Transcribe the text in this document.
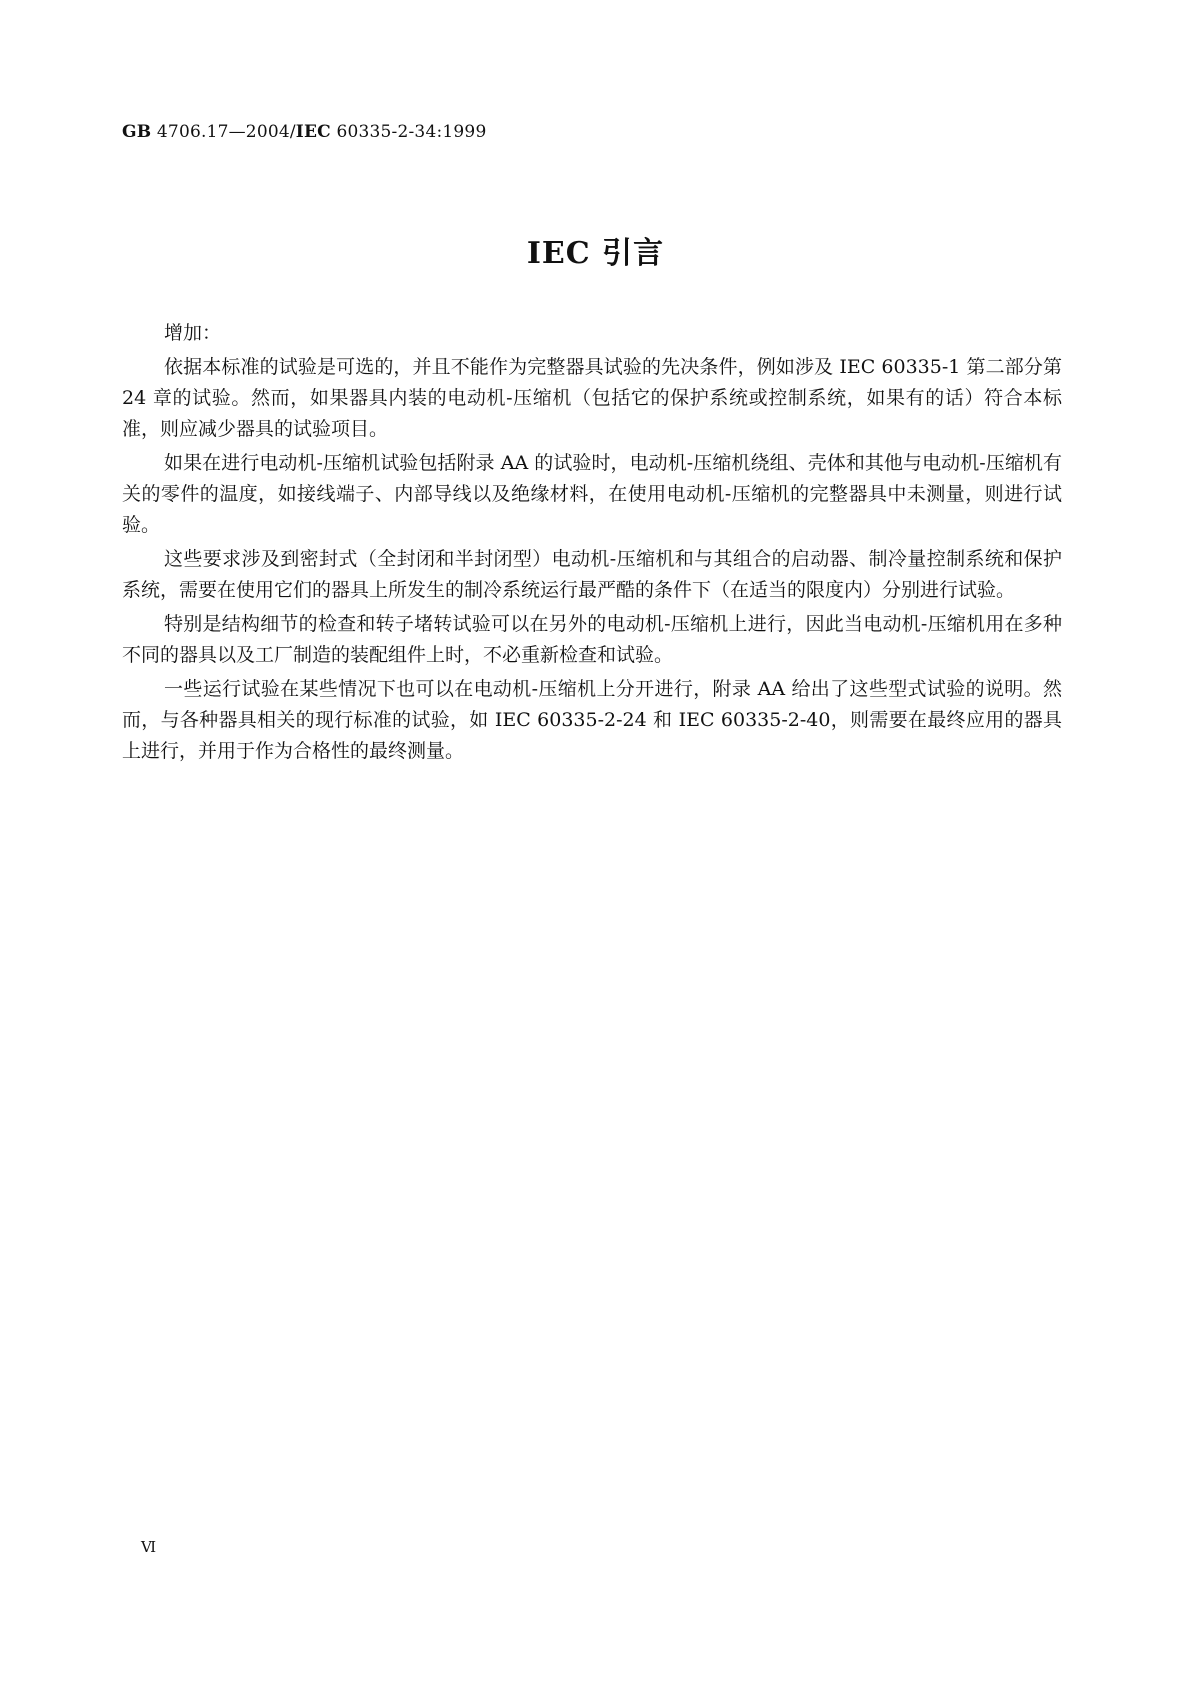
GB 4706.17—2004/IEC 60335-2-34:1999
IEC 引言

增加：

依据本标准的试验是可选的，并且不能作为完整器具试验的先决条件，例如涉及 IEC 60335-1 第二部分第 24 章的试验。然而，如果器具内装的电动机-压缩机（包括它的保护系统或控制系统，如果有的话）符合本标准，则应减少器具的试验项目。

如果在进行电动机-压缩机试验包括附录 AA 的试验时，电动机-压缩机绕组、壳体和其他与电动机-压缩机有关的零件的温度，如接线端子、内部导线以及绝缘材料，在使用电动机-压缩机的完整器具中未测量，则进行试验。

这些要求涉及到密封式（全封闭和半封闭型）电动机-压缩机和与其组合的启动器、制冷量控制系统和保护系统，需要在使用它们的器具上所发生的制冷系统运行最严酷的条件下（在适当的限度内）分别进行试验。

特别是结构细节的检查和转子堵转试验可以在另外的电动机-压缩机上进行，因此当电动机-压缩机用在多种不同的器具以及工厂制造的装配组件上时，不必重新检查和试验。

一些运行试验在某些情况下也可以在电动机-压缩机上分开进行，附录 AA 给出了这些型式试验的说明。然而，与各种器具相关的现行标准的试验，如 IEC 60335-2-24 和 IEC 60335-2-40，则需要在最终应用的器具上进行，并用于作为合格性的最终测量。

Ⅵ
